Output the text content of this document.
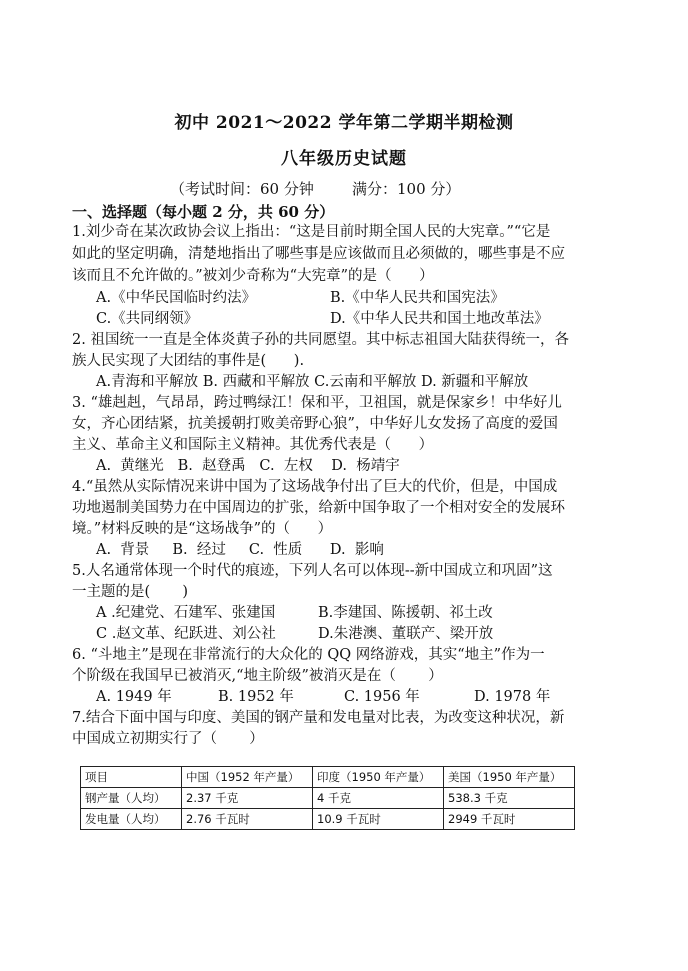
初中 2021～2022 学年第二学期半期检测
八年级历史试题
（考试时间：60 分钟        满分：100 分）
一、选择题（每小题 2 分，共 60 分）
1.刘少奇在某次政协会议上指出：“这是目前时期全国人民的大宪章。”“它是
如此的坚定明确，清楚地指出了哪些事是应该做而且必须做的，哪些事是不应
该而且不允许做的。”被刘少奇称为“大宪章”的是（      ）
A.《中华民国临时约法》	B.《中华人民共和国宪法》
C.《共同纲领》	D.《中华人民共和国土地改革法》
2. 祖国统一一直是全体炎黄子孙的共同愿望。其中标志祖国大陆获得统一，各
族人民实现了大团结的事件是(      ).
A.青海和平解放 B. 西藏和平解放 C.云南和平解放 D. 新疆和平解放
3. “雄赳赳，气昂昂，跨过鸭绿江！保和平，卫祖国，就是保家乡！中华好儿
女，齐心团结紧，抗美援朝打败美帝野心狼”，中华好儿女发扬了高度的爱国
主义、革命主义和国际主义精神。其优秀代表是（      ）
A.  黄继光   B.  赵登禹   C.  左权    D.  杨靖宇
4.“虽然从实际情况来讲中国为了这场战争付出了巨大的代价，但是，中国成
功地遏制美国势力在中国周边的扩张，给新中国争取了一个相对安全的发展环
境。”材料反映的是“这场战争”的（      ）
A.  背景     B.  经过     C.  性质      D.  影响
5.人名通常体现一个时代的痕迹，下列人名可以体现--新中国成立和巩固”这
一主题的是(       )
A .纪建党、石建军、张建国	B.李建国、陈援朝、祁土改
C .赵文革、纪跃进、刘公社	D.朱港澳、董联产、梁开放
6. “斗地主”是现在非常流行的大众化的 QQ 网络游戏，其实“地主”作为一
个阶级在我国早已被消灭,“地主阶级”被消灭是在（       ）
A. 1949 年	B. 1952 年	C. 1956 年	D. 1978 年
7.结合下面中国与印度、美国的钢产量和发电量对比表，为改变这种状况，新
中国成立初期实行了（       ）
项目	中国（1952 年产量）	印度（1950 年产量）	美国（1950 年产量）
钢产量（人均）	2.37 千克	4 千克	538.3 千克
发电量（人均）	2.76 千瓦时	10.9 千瓦时	2949 千瓦时
